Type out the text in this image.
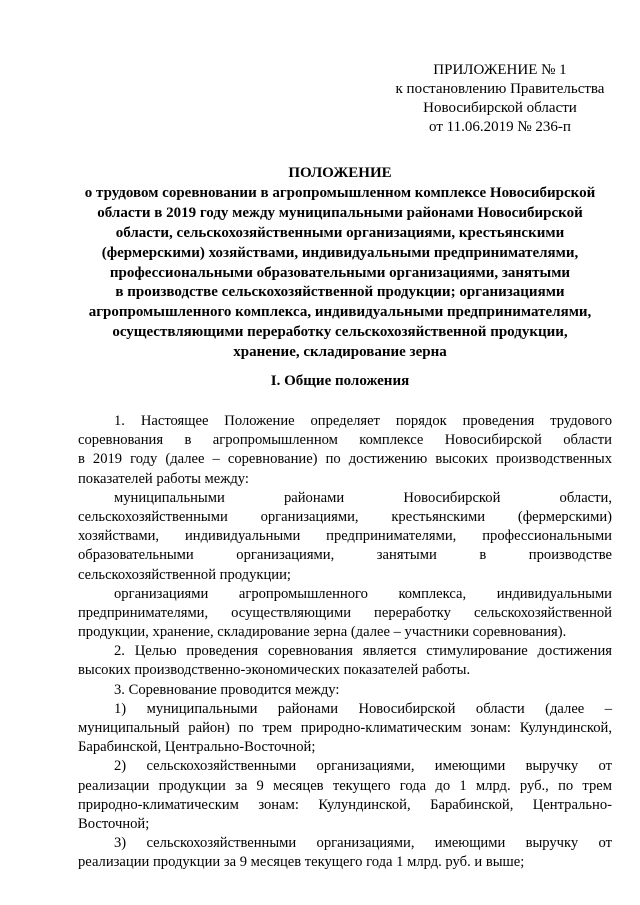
ПРИЛОЖЕНИЕ № 1
к постановлению Правительства
Новосибирской области
от 11.06.2019 № 236-п
ПОЛОЖЕНИЕ
о трудовом соревновании в агропромышленном комплексе Новосибирской
области в 2019 году между муниципальными районами Новосибирской
области, сельскохозяйственными организациями, крестьянскими
(фермерскими) хозяйствами, индивидуальными предпринимателями,
профессиональными образовательными организациями, занятыми
в производстве сельскохозяйственной продукции; организациями
агропромышленного комплекса, индивидуальными предпринимателями,
осуществляющими переработку сельскохозяйственной продукции,
хранение, складирование зерна
I. Общие положения
1. Настоящее Положение определяет порядок проведения трудового
соревнования в агропромышленном комплексе Новосибирской области
в 2019 году (далее – соревнование) по достижению высоких производственных
показателей работы между:
муниципальными районами Новосибирской области,
сельскохозяйственными организациями, крестьянскими (фермерскими)
хозяйствами, индивидуальными предпринимателями, профессиональными
образовательными организациями, занятыми в производстве
сельскохозяйственной продукции;
организациями агропромышленного комплекса, индивидуальными
предпринимателями, осуществляющими переработку сельскохозяйственной
продукции, хранение, складирование зерна (далее – участники соревнования).
2. Целью проведения соревнования является стимулирование достижения
высоких производственно-экономических показателей работы.
3. Соревнование проводится между:
1) муниципальными районами Новосибирской области (далее –
муниципальный район) по трем природно-климатическим зонам: Кулундинской,
Барабинской, Центрально-Восточной;
2) сельскохозяйственными организациями, имеющими выручку от
реализации продукции за 9 месяцев текущего года до 1 млрд. руб., по трем
природно-климатическим зонам: Кулундинской, Барабинской, Центрально-
Восточной;
3) сельскохозяйственными организациями, имеющими выручку от
реализации продукции за 9 месяцев текущего года 1 млрд. руб. и выше;
